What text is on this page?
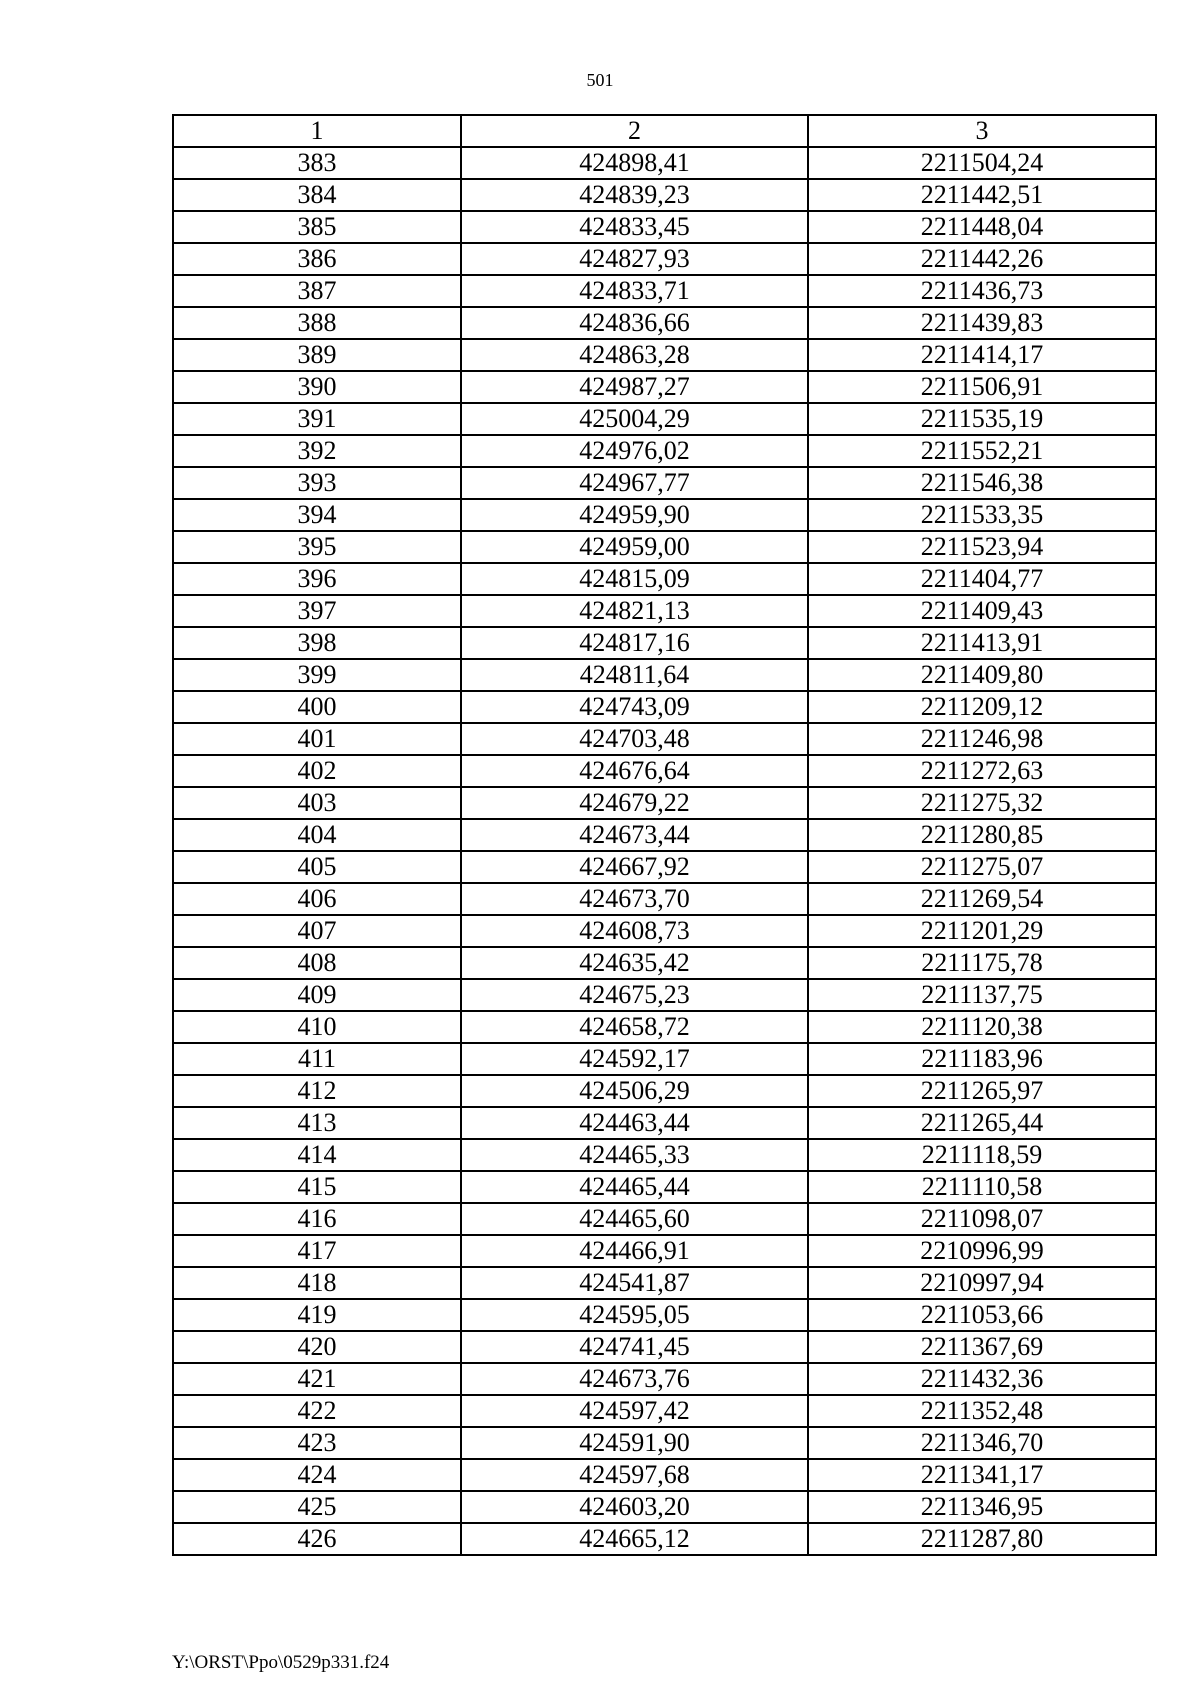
501
1	2	3
383	424898,41	2211504,24
384	424839,23	2211442,51
385	424833,45	2211448,04
386	424827,93	2211442,26
387	424833,71	2211436,73
388	424836,66	2211439,83
389	424863,28	2211414,17
390	424987,27	2211506,91
391	425004,29	2211535,19
392	424976,02	2211552,21
393	424967,77	2211546,38
394	424959,90	2211533,35
395	424959,00	2211523,94
396	424815,09	2211404,77
397	424821,13	2211409,43
398	424817,16	2211413,91
399	424811,64	2211409,80
400	424743,09	2211209,12
401	424703,48	2211246,98
402	424676,64	2211272,63
403	424679,22	2211275,32
404	424673,44	2211280,85
405	424667,92	2211275,07
406	424673,70	2211269,54
407	424608,73	2211201,29
408	424635,42	2211175,78
409	424675,23	2211137,75
410	424658,72	2211120,38
411	424592,17	2211183,96
412	424506,29	2211265,97
413	424463,44	2211265,44
414	424465,33	2211118,59
415	424465,44	2211110,58
416	424465,60	2211098,07
417	424466,91	2210996,99
418	424541,87	2210997,94
419	424595,05	2211053,66
420	424741,45	2211367,69
421	424673,76	2211432,36
422	424597,42	2211352,48
423	424591,90	2211346,70
424	424597,68	2211341,17
425	424603,20	2211346,95
426	424665,12	2211287,80
Y:\ORST\Ppo\0529p331.f24
